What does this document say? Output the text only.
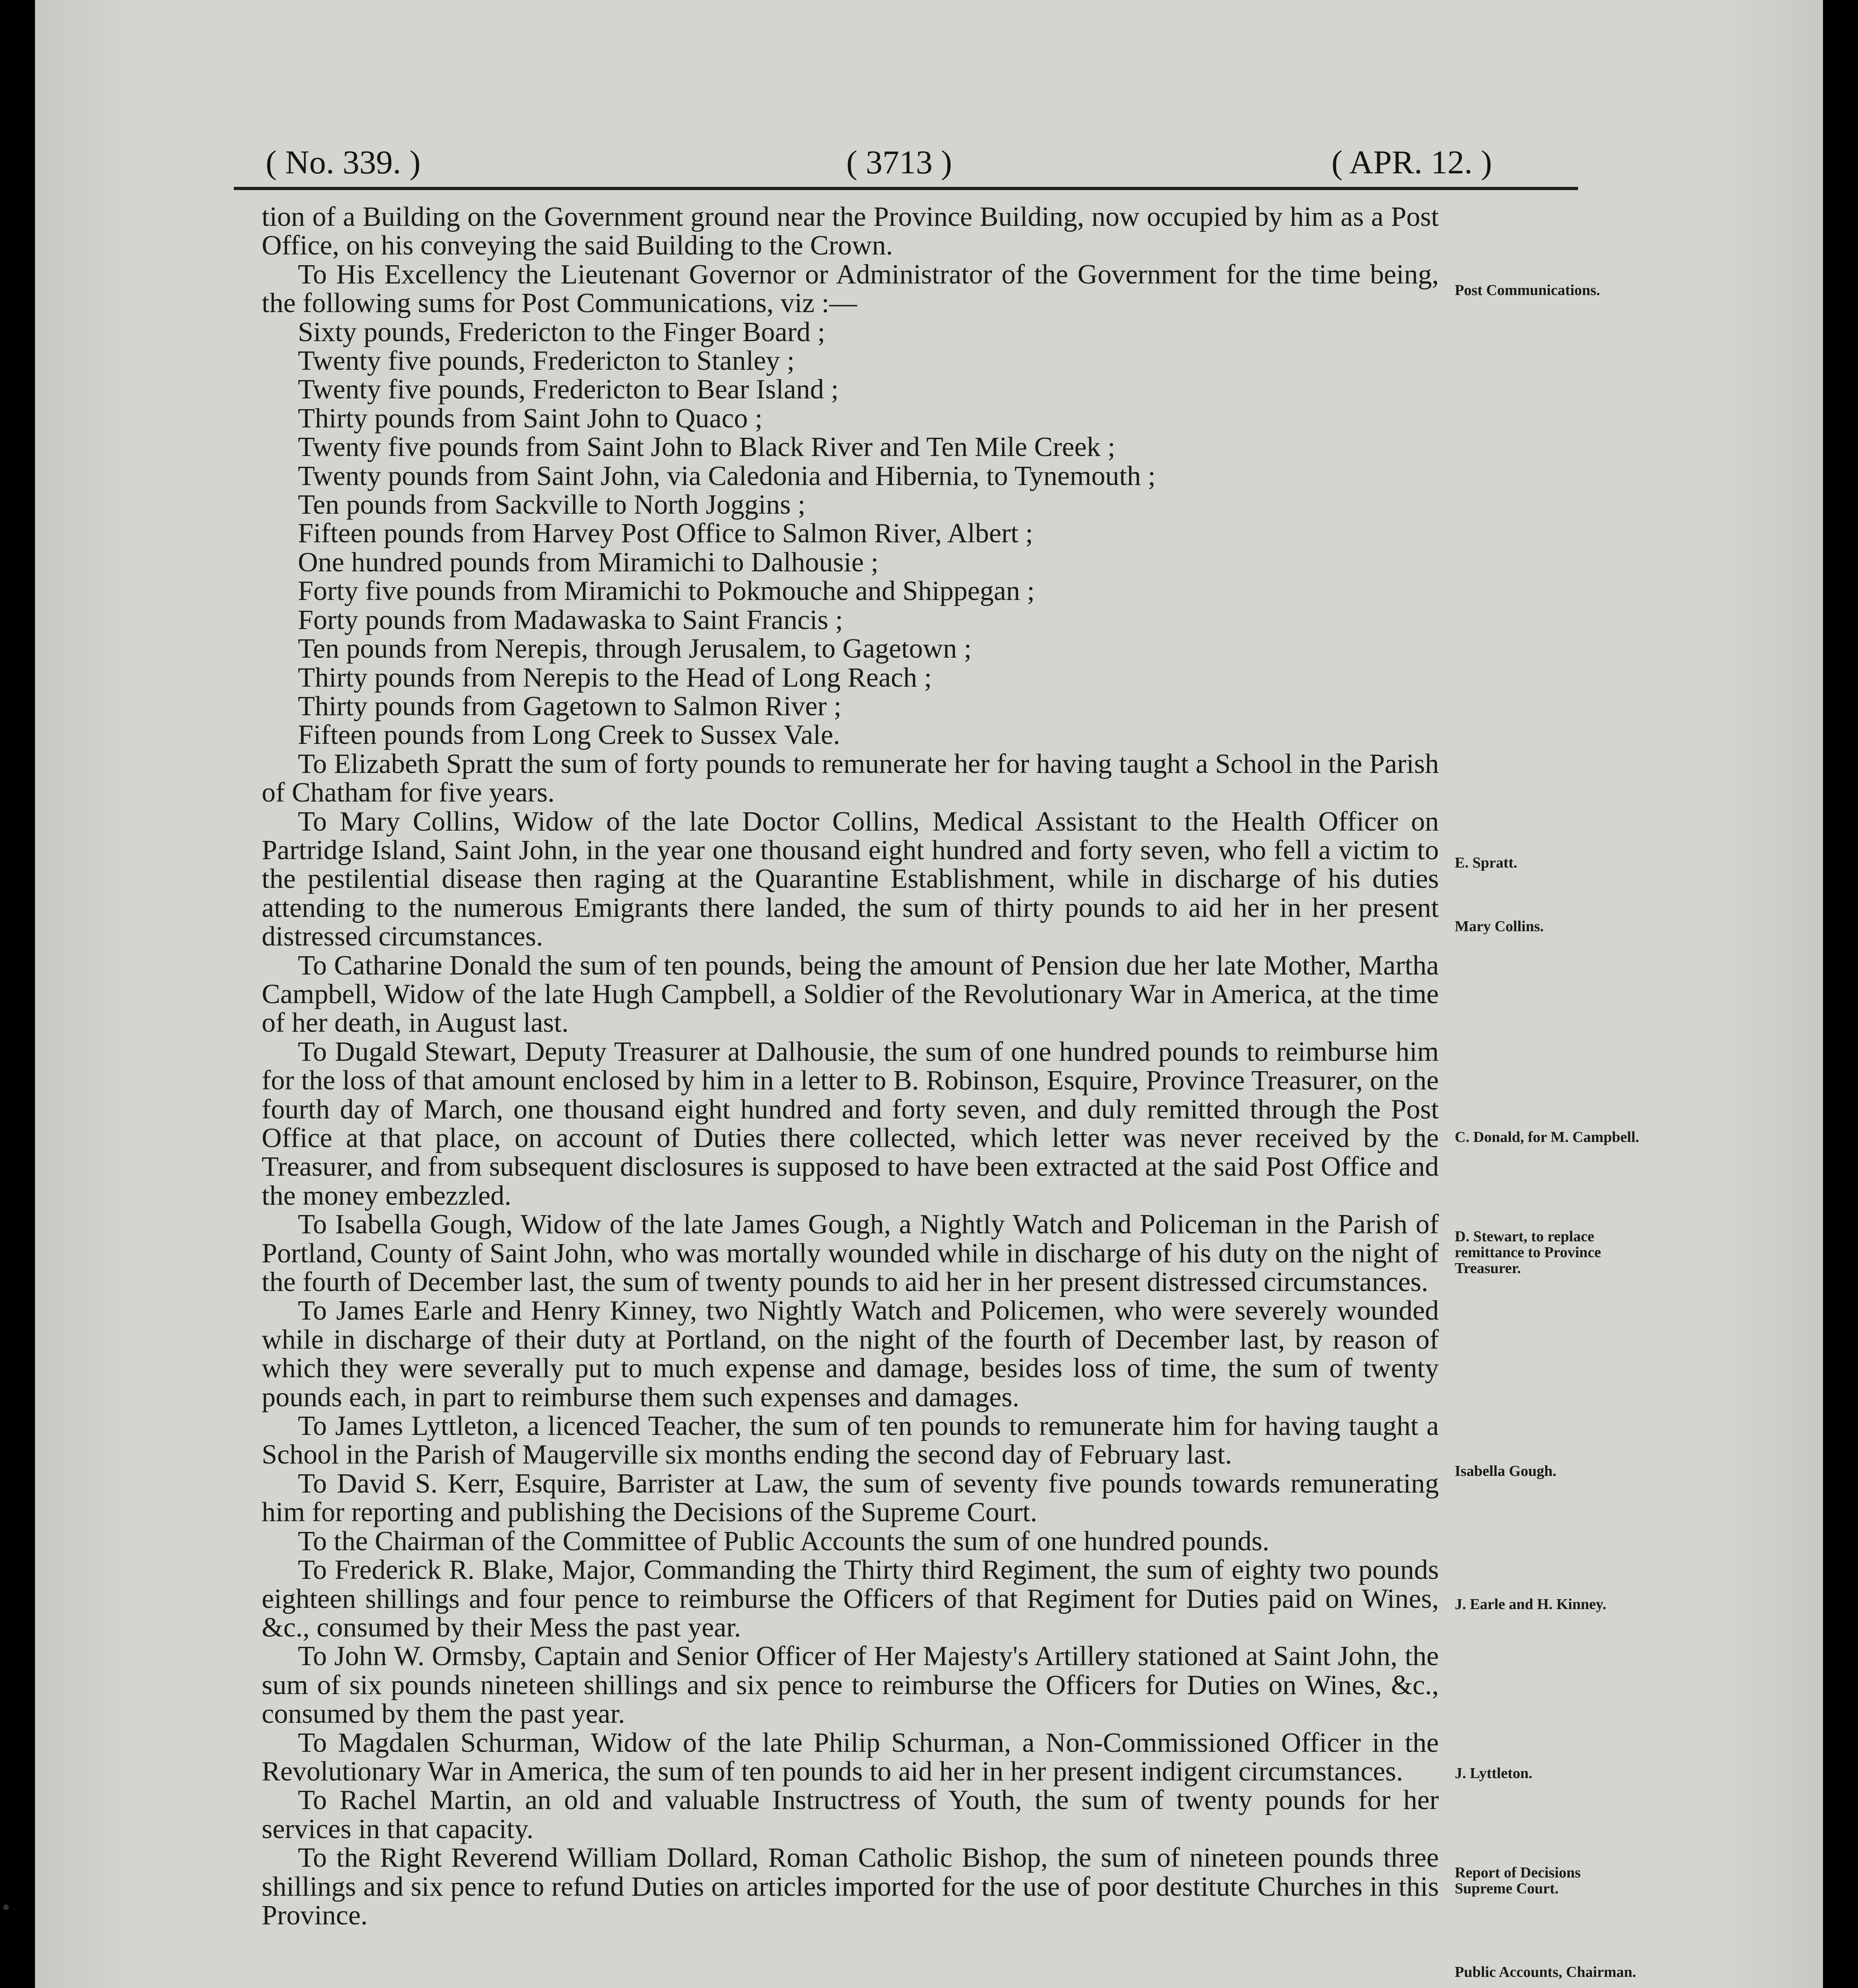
( No. 339. )	( 3713 )	( APR. 12. )

tion of a Building on the Government ground near the Province Building, now occupied by him as a Post Office, on his conveying the said Building to the Crown.

To His Excellency the Lieutenant Governor or Administrator of the Government for the time being, the following sums for Post Communications, viz :—

Sixty pounds, Fredericton to the Finger Board ;

Twenty five pounds, Fredericton to Stanley ;

Twenty five pounds, Fredericton to Bear Island ;

Thirty pounds from Saint John to Quaco ;

Twenty five pounds from Saint John to Black River and Ten Mile Creek ;

Twenty pounds from Saint John, via Caledonia and Hibernia, to Tynemouth ;

Ten pounds from Sackville to North Joggins ;

Fifteen pounds from Harvey Post Office to Salmon River, Albert ;

One hundred pounds from Miramichi to Dalhousie ;

Forty five pounds from Miramichi to Pokmouche and Shippegan ;

Forty pounds from Madawaska to Saint Francis ;

Ten pounds from Nerepis, through Jerusalem, to Gagetown ;

Thirty pounds from Nerepis to the Head of Long Reach ;

Thirty pounds from Gagetown to Salmon River ;

Fifteen pounds from Long Creek to Sussex Vale.

To Elizabeth Spratt the sum of forty pounds to remunerate her for having taught a School in the Parish of Chatham for five years.

To Mary Collins, Widow of the late Doctor Collins, Medical Assistant to the Health Officer on Partridge Island, Saint John, in the year one thousand eight hundred and forty seven, who fell a victim to the pestilential disease then raging at the Quarantine Establishment, while in discharge of his duties attending to the numerous Emigrants there landed, the sum of thirty pounds to aid her in her present distressed circumstances.

To Catharine Donald the sum of ten pounds, being the amount of Pension due her late Mother, Martha Campbell, Widow of the late Hugh Campbell, a Soldier of the Revolutionary War in America, at the time of her death, in August last.

To Dugald Stewart, Deputy Treasurer at Dalhousie, the sum of one hundred pounds to reimburse him for the loss of that amount enclosed by him in a letter to B. Robinson, Esquire, Province Treasurer, on the fourth day of March, one thousand eight hundred and forty seven, and duly remitted through the Post Office at that place, on account of Duties there collected, which letter was never received by the Treasurer, and from subsequent disclosures is supposed to have been extracted at the said Post Office and the money embezzled.

To Isabella Gough, Widow of the late James Gough, a Nightly Watch and Policeman in the Parish of Portland, County of Saint John, who was mortally wounded while in discharge of his duty on the night of the fourth of December last, the sum of twenty pounds to aid her in her present distressed circumstances.

To James Earle and Henry Kinney, two Nightly Watch and Policemen, who were severely wounded while in discharge of their duty at Portland, on the night of the fourth of December last, by reason of which they were severally put to much expense and damage, besides loss of time, the sum of twenty pounds each, in part to reimburse them such expenses and damages.

To James Lyttleton, a licenced Teacher, the sum of ten pounds to remunerate him for having taught a School in the Parish of Maugerville six months ending the second day of February last.

To David S. Kerr, Esquire, Barrister at Law, the sum of seventy five pounds towards remunerating him for reporting and publishing the Decisions of the Supreme Court.

To the Chairman of the Committee of Public Accounts the sum of one hundred pounds.

To Frederick R. Blake, Major, Commanding the Thirty third Regiment, the sum of eighty two pounds eighteen shillings and four pence to reimburse the Officers of that Regiment for Duties paid on Wines, &c., consumed by their Mess the past year.

To John W. Ormsby, Captain and Senior Officer of Her Majesty's Artillery stationed at Saint John, the sum of six pounds nineteen shillings and six pence to reimburse the Officers for Duties on Wines, &c., consumed by them the past year.

To Magdalen Schurman, Widow of the late Philip Schurman, a Non-Commissioned Officer in the Revolutionary War in America, the sum of ten pounds to aid her in her present indigent circumstances.

To Rachel Martin, an old and valuable Instructress of Youth, the sum of twenty pounds for her services in that capacity.

To the Right Reverend William Dollard, Roman Catholic Bishop, the sum of nineteen pounds three shillings and six pence to refund Duties on articles imported for the use of poor destitute Churches in this Province.

Post Communications.
E. Spratt.
Mary Collins.
C. Donald, for M. Campbell.
D. Stewart, to replace remittance to Province Treasurer.
Isabella Gough.
J. Earle and H. Kinney.
J. Lyttleton.
Report of Decisions Supreme Court.
Public Accounts, Chairman.
